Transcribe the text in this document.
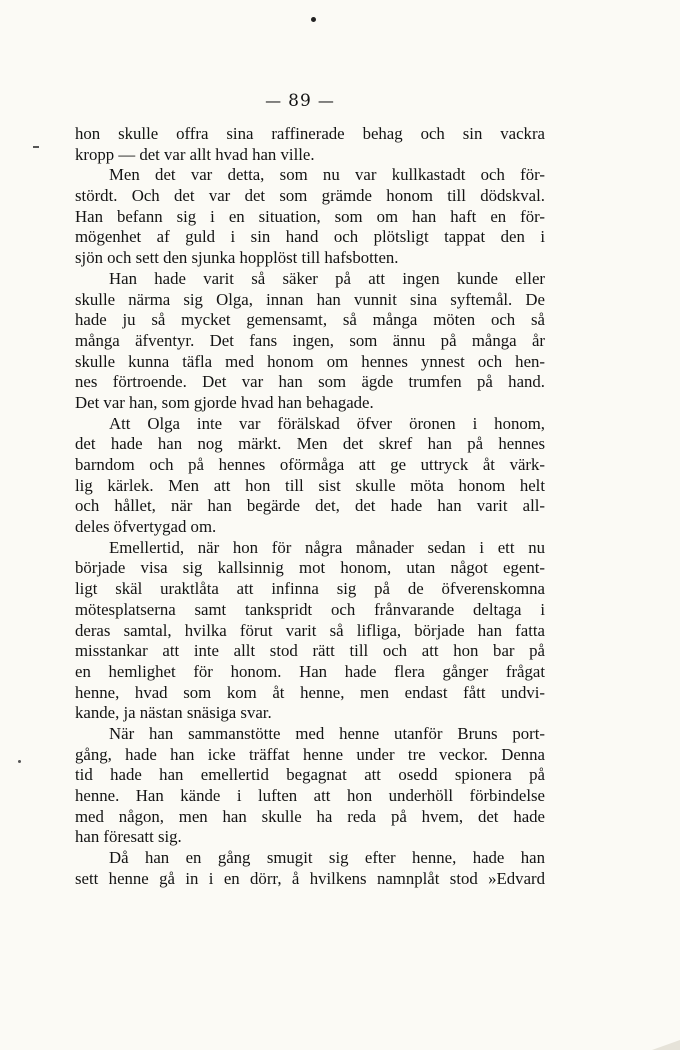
— 89 —
hon skulle offra sina raffinerade behag och sin vackra
kropp — det var allt hvad han ville.
Men det var detta, som nu var kullkastadt och för-
stördt. Och det var det som grämde honom till dödskval.
Han befann sig i en situation, som om han haft en för-
mögenhet af guld i sin hand och plötsligt tappat den i
sjön och sett den sjunka hopplöst till hafsbotten.
Han hade varit så säker på att ingen kunde eller
skulle närma sig Olga, innan han vunnit sina syftemål. De
hade ju så mycket gemensamt, så många möten och så
många äfventyr. Det fans ingen, som ännu på många år
skulle kunna täfla med honom om hennes ynnest och hen-
nes förtroende. Det var han som ägde trumfen på hand.
Det var han, som gjorde hvad han behagade.
Att Olga inte var förälskad öfver öronen i honom,
det hade han nog märkt. Men det skref han på hennes
barndom och på hennes oförmåga att ge uttryck åt värk-
lig kärlek. Men att hon till sist skulle möta honom helt
och hållet, när han begärde det, det hade han varit all-
deles öfvertygad om.
Emellertid, när hon för några månader sedan i ett nu
började visa sig kallsinnig mot honom, utan något egent-
ligt skäl uraktlåta att infinna sig på de öfverenskomna
mötesplatserna samt tankspridt och frånvarande deltaga i
deras samtal, hvilka förut varit så lifliga, började han fatta
misstankar att inte allt stod rätt till och att hon bar på
en hemlighet för honom. Han hade flera gånger frågat
henne, hvad som kom åt henne, men endast fått undvi-
kande, ja nästan snäsiga svar.
När han sammanstötte med henne utanför Bruns port-
gång, hade han icke träffat henne under tre veckor. Denna
tid hade han emellertid begagnat att osedd spionera på
henne. Han kände i luften att hon underhöll förbindelse
med någon, men han skulle ha reda på hvem, det hade
han föresatt sig.
Då han en gång smugit sig efter henne, hade han
sett henne gå in i en dörr, å hvilkens namnplåt stod »Edvard
